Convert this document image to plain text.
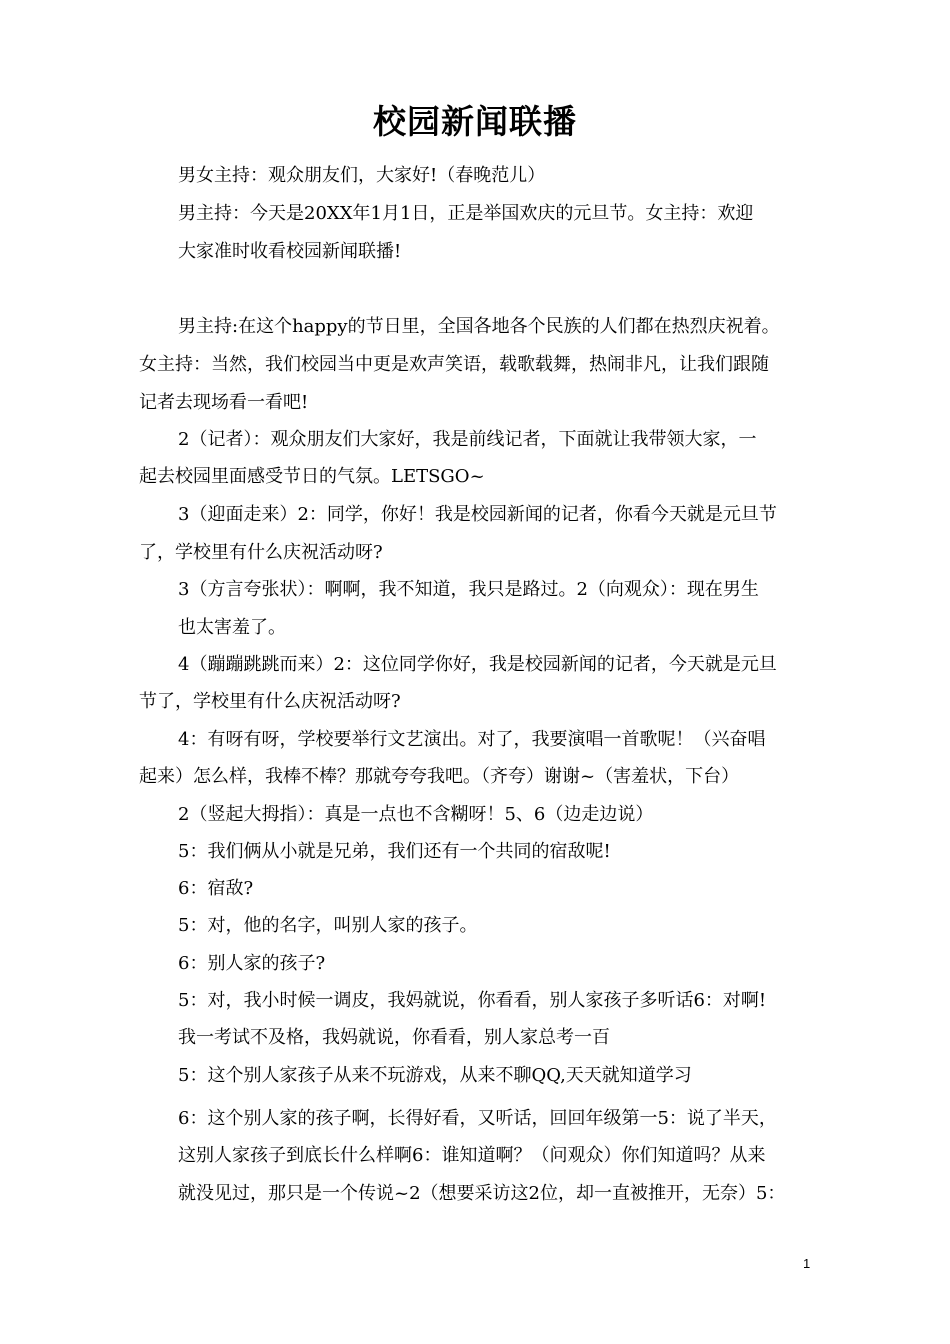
校园新闻联播
男女主持：观众朋友们，大家好!（春晚范儿）
男主持：今天是20XX年1月1日，正是举国欢庆的元旦节。女主持：欢迎
大家准时收看校园新闻联播!
男主持:在这个happy的节日里，全国各地各个民族的人们都在热烈庆祝着。
女主持：当然，我们校园当中更是欢声笑语，载歌载舞，热闹非凡，让我们跟随
记者去现场看一看吧!
2（记者）：观众朋友们大家好，我是前线记者，下面就让我带领大家，一
起去校园里面感受节日的气氛。LETSGO~
3（迎面走来）2：同学，你好！我是校园新闻的记者，你看今天就是元旦节
了，学校里有什么庆祝活动呀?
3（方言夸张状）：啊啊，我不知道，我只是路过。2（向观众）：现在男生
也太害羞了。
4（蹦蹦跳跳而来）2：这位同学你好，我是校园新闻的记者，今天就是元旦
节了，学校里有什么庆祝活动呀?
4：有呀有呀，学校要举行文艺演出。对了，我要演唱一首歌呢！（兴奋唱
起来）怎么样，我棒不棒？那就夸夸我吧。（齐夸）谢谢~（害羞状，下台）
2（竖起大拇指）：真是一点也不含糊呀！5、6（边走边说）
5：我们俩从小就是兄弟，我们还有一个共同的宿敌呢!
6：宿敌?
5：对，他的名字，叫别人家的孩子。
6：别人家的孩子?
5：对，我小时候一调皮，我妈就说，你看看，别人家孩子多听话6：对啊!
我一考试不及格，我妈就说，你看看，别人家总考一百
5：这个别人家孩子从来不玩游戏，从来不聊QQ,天天就知道学习
6：这个别人家的孩子啊，长得好看，又听话，回回年级第一5：说了半天，
这别人家孩子到底长什么样啊6：谁知道啊？（问观众）你们知道吗？从来
就没见过，那只是一个传说~2（想要采访这2位，却一直被推开，无奈）5：
1
